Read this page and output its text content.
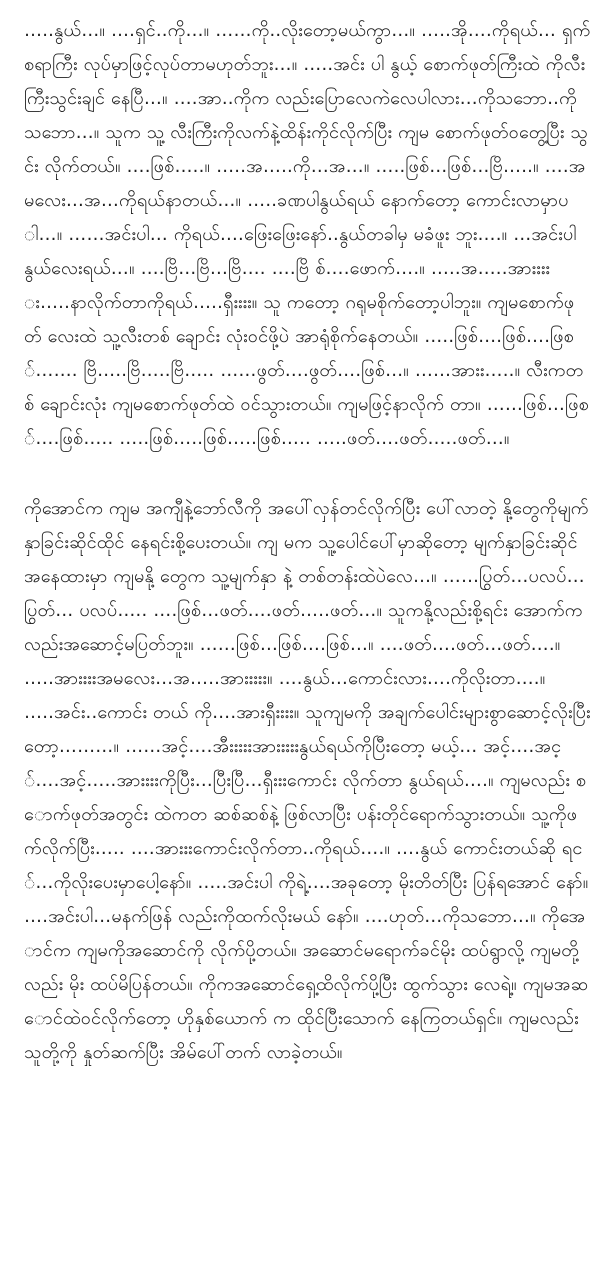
…..နွယ်…။ ….ရှင်..ကို…။ ……ကို..လိုးတော့မယ်ကွာ…။ …..အို….ကိုရယ်… ရှက်စရာကြီး လုပ်မှာဖြင့်လုပ်တာမဟုတ်ဘူး…။ …..အင်း ပါ နွယ့် စောက်ဖုတ်ကြီးထဲ ကိုလီးကြီးသွင်းချင် နေပြီ…။ ….အာ..ကိုက လည်းပြောလေကဲလေပါလား…ကိုသဘော..ကိုသဘော…။ သူက သူ့ လီးကြီးကိုလက်နဲ့ထိန်းကိုင်လိုက်ပြီး ကျမ စောက်ဖုတ်ဝတွေ့ပြီး သွင်း လိုက်တယ်။ ….ဖြစ်…..။ …..အ…..ကို…အ…။ …..ဖြစ်…ဖြစ်…ဗြိ…..။ ….အမလေး…အ…ကိုရယ်နာတယ်…။ …..ခဏပါနွယ်ရယ် နောက်တော့ ကောင်းလာမှာပါ…။ ……အင်းပါ… ကိုရယ်….ဖြေးဖြေးနော်..နွယ်တခါမှ မခံဖူး ဘူး….။ …အင်းပါ နွယ်လေးရယ်…။ ….ဗြိ…ဗြိ…ဗြိ…. ….ဗြိ စ်….ဖောက်….။ …..အ…..အားးးးး…..နာလိုက်တာကိုရယ်…..ရှီးးးး။ သူ ကတော့ ဂရုမစိုက်တော့ပါဘူး။ ကျမစောက်ဖုတ် လေးထဲ သူ့လီးတစ် ချောင်း လုံးဝင်ဖို့ပဲ အာရုံစိုက်နေတယ်။ …..ဖြစ်….ဖြစ်….ဖြစ်……. ဗြိ…..ဗြိ…..ဗြိ….. ……ဖွတ်….ဖွတ်….ဖြစ်…။ ……အားး…..။ လီးကတစ် ချောင်းလုံး ကျမစောက်ဖုတ်ထဲ ဝင်သွားတယ်။ ကျမဖြင့်နာလိုက် တာ။ ……ဖြစ်…ဖြစ်….ဖြစ်….. …..ဖြစ်…..ဖြစ်…..ဖြစ်….. …..ဖတ်….ဖတ်…..ဖတ်…။

ကိုအောင်က ကျမ အကျီနဲ့ဘော်လီကို အပေါ်လှန်တင်လိုက်ပြီး ပေါ်လာတဲ့ နို့တွေကိုမျက်နှာခြင်းဆိုင်ထိုင် နေရင်းစို့ပေးတယ်။ ကျ မက သူ့ပေါင်ပေါ်မှာဆိုတော့ မျက်နှာခြင်းဆိုင်အနေထားမှာ ကျမနို့ တွေက သူ့မျက်နှာ နဲ့ တစ်တန်းထဲပဲလေ…။ ……ပြွတ်…ပလပ်… ပြွတ်… ပလပ်….. ….ဖြစ်…ဖတ်….ဖတ်…..ဖတ်…။ သူကနို့လည်းစို့ရင်း အောက်ကလည်းအဆောင့်မပြတ်ဘူး။ ……ဖြစ်…ဖြစ်….ဖြစ်…။ ….ဖတ်….ဖတ်…ဖတ်….။ …..အားးးးအမလေး…အ…..အားးးးး။ ….နွယ်…ကောင်းလား….ကိုလိုးတာ….။ …..အင်း..ကောင်း တယ် ကို….အားရှီးးးး။ သူကျမကို အချက်ပေါင်းများစွာဆောင့်လိုးပြီး တော့………။ ……အင့်….အီးးးးးအားးးးးနွယ်ရယ်ကိုပြီးတော့ မယ့်… အင့်….အင့်….အင့်…..အားးးးကိုပြီး…ပြီးပြီ…ရှီးးးကောင်း လိုက်တာ နွယ်ရယ်….။ ကျမလည်း စောက်ဖုတ်အတွင်း ထဲကတ ဆစ်ဆစ်နဲ့ ဖြစ်လာပြီး ပန်းတိုင်ရောက်သွားတယ်။ သူ့ကိုဖက်လိုက်ပြီး….. ….အားးးကောင်းလိုက်တာ..ကိုရယ်….။ ….နွယ် ကောင်းတယ်ဆို ရင်…ကိုလိုးပေးမှာပေါ့နော်။ …..အင်းပါ ကိုရဲ့….အခုတော့ မိုးတိတ်ပြီး ပြန်ရအောင် နော်။ ….အင်းပါ…မနက်ဖြန် လည်းကိုထက်လိုးမယ် နော်။ ….ဟုတ်…ကိုသဘော…။ ကိုအောင်က ကျမကိုအဆောင်ကို လိုက်ပို့တယ်။ အဆောင်မရောက်ခင်မိုး ထပ်ရွာလို့ ကျမတို့လည်း မိုး ထပ်မိပြန်တယ်။ ကိုကအဆောင်ရှေ့ထိလိုက်ပို့ပြီး ထွက်သွား လေရဲ့။ ကျမအဆောင်ထဲဝင်လိုက်တော့ ဟိုနှစ်ယောက် က ထိုင်ပြီးသောက် နေကြတယ်ရှင်။ ကျမလည်း သူတို့ကို နှုတ်ဆက်ပြီး အိမ်ပေါ်တက် လာခဲ့တယ်။
